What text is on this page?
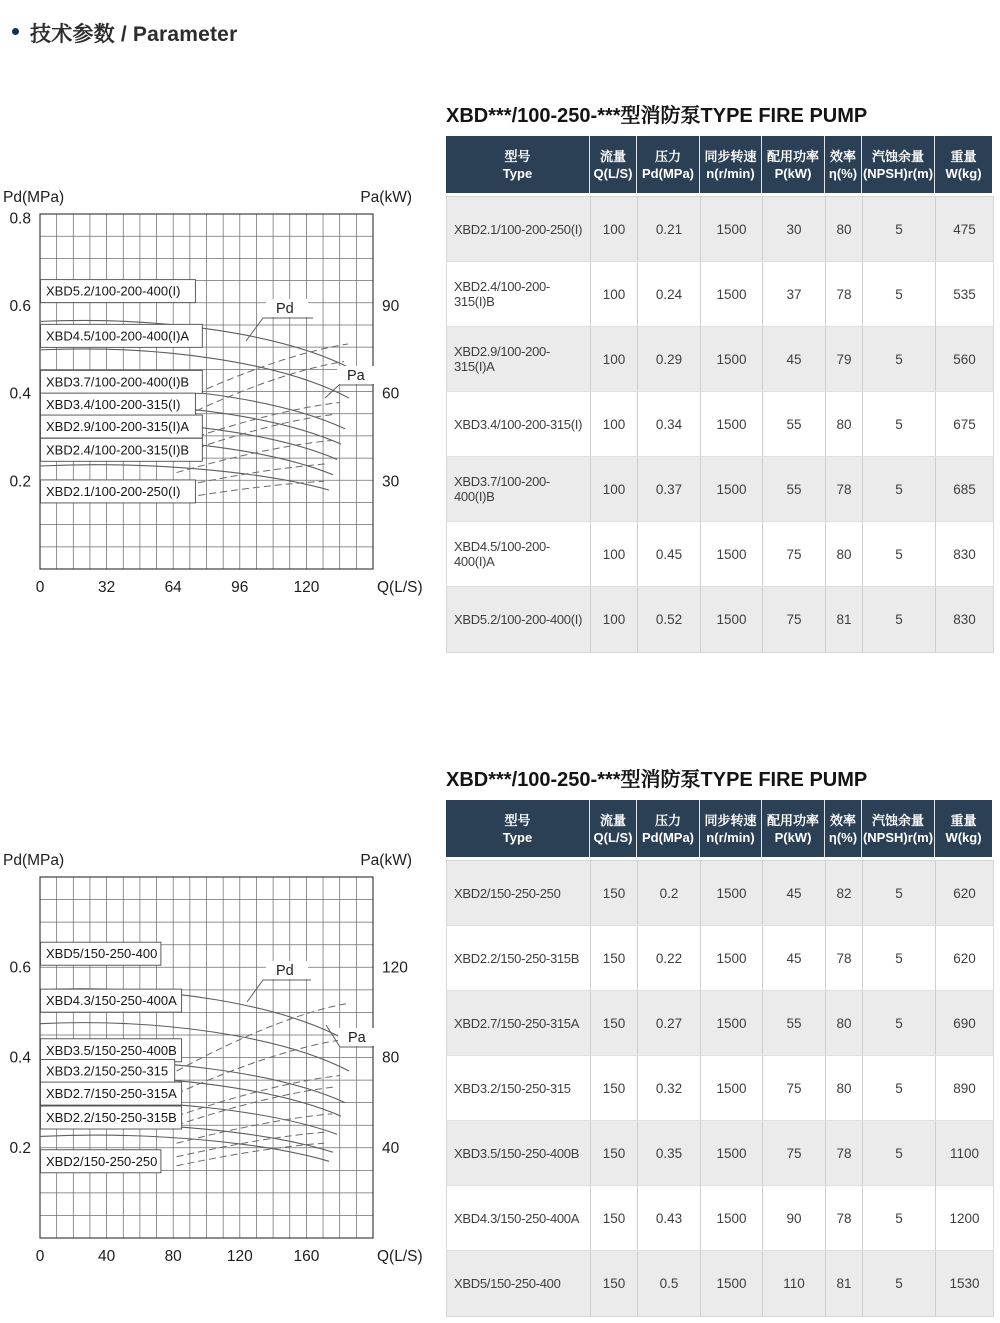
技术参数 / Parameter
XBD5.2/100-200-400(I)
XBD4.5/100-200-400(I)A
XBD3.7/100-200-400(I)B
XBD3.4/100-200-315(I)
XBD2.9/100-200-315(I)A
XBD2.4/100-200-315(I)B
XBD2.1/100-200-250(I)
0.8
0.6
0.4
0.2
90
60
30
0	32	64	96	120	Q(L/S)
Pd(MPa)	Pa(kW)
Pd
Pa
XBD***/100-250-***型消防泵TYPE FIRE PUMP
型号
Type
流量
Q(L/S)
压力
Pd(MPa)
同步转速
n(r/min)
配用功率
P(kW)
效率
η(%)
汽蚀余量
(NPSH)r(m)
重量
W(kg)
XBD2.1/100-200-250(I)	100	0.21	1500	30	80	5	475
XBD2.4/100-200-315(I)B	100	0.24	1500	37	78	5	535
XBD2.9/100-200-315(I)A	100	0.29	1500	45	79	5	560
XBD3.4/100-200-315(I)	100	0.34	1500	55	80	5	675
XBD3.7/100-200-400(I)B	100	0.37	1500	55	78	5	685
XBD4.5/100-200-400(I)A	100	0.45	1500	75	80	5	830
XBD5.2/100-200-400(I)	100	0.52	1500	75	81	5	830
XBD5/150-250-400
XBD4.3/150-250-400A
XBD3.5/150-250-400B
XBD3.2/150-250-315
XBD2.7/150-250-315A
XBD2.2/150-250-315B
XBD2/150-250-250
0.6
0.4
0.2
120
80
40
0	40	80	120	160	Q(L/S)
Pd(MPa)	Pa(kW)
Pd
Pa
XBD***/100-250-***型消防泵TYPE FIRE PUMP
型号
Type
流量
Q(L/S)
压力
Pd(MPa)
同步转速
n(r/min)
配用功率
P(kW)
效率
η(%)
汽蚀余量
(NPSH)r(m)
重量
W(kg)
XBD2/150-250-250	150	0.2	1500	45	82	5	620
XBD2.2/150-250-315B	150	0.22	1500	45	78	5	620
XBD2.7/150-250-315A	150	0.27	1500	55	80	5	690
XBD3.2/150-250-315	150	0.32	1500	75	80	5	890
XBD3.5/150-250-400B	150	0.35	1500	75	78	5	1100
XBD4.3/150-250-400A	150	0.43	1500	90	78	5	1200
XBD5/150-250-400	150	0.5	1500	110	81	5	1530
